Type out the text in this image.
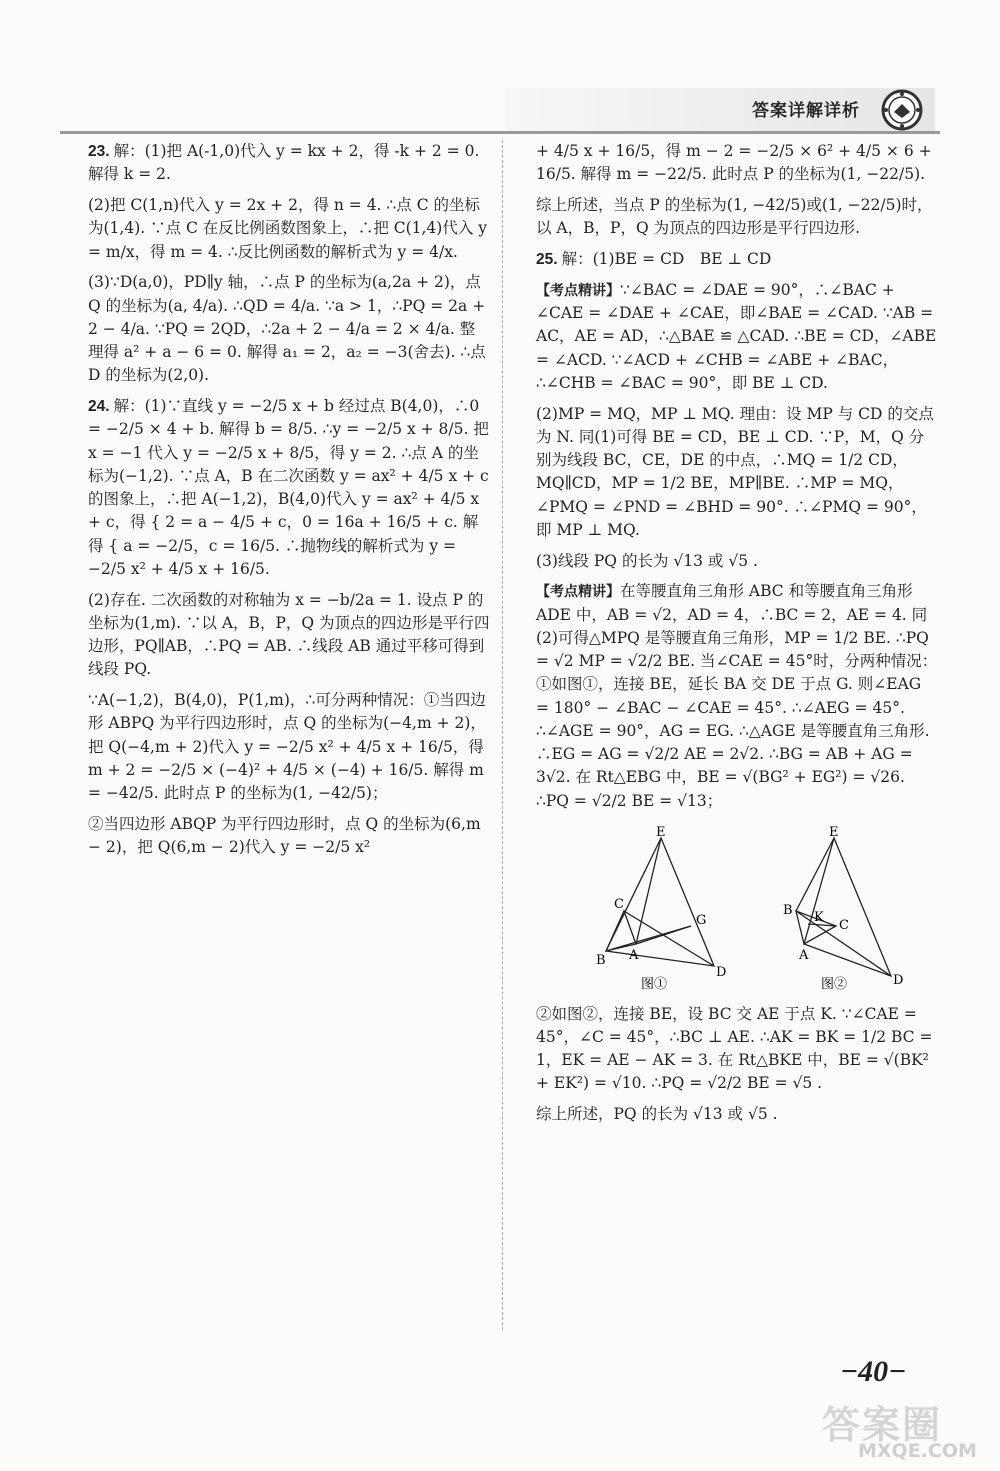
答案详解详析

23. 解：(1)把 A(-1,0)代入 y = kx + 2，得 -k + 2 = 0. 解得 k = 2.

(2)把 C(1,n)代入 y = 2x + 2，得 n = 4. ∴点 C 的坐标为(1,4). ∵点 C 在反比例函数图象上，∴把 C(1,4)代入 y = m/x，得 m = 4. ∴反比例函数的解析式为 y = 4/x.

(3)∵D(a,0)，PD∥y 轴，∴点 P 的坐标为(a,2a + 2)，点 Q 的坐标为(a, 4/a). ∴QD = 4/a. ∵a > 1，∴PQ = 2a + 2 − 4/a. ∵PQ = 2QD，∴2a + 2 − 4/a = 2 × 4/a. 整理得 a² + a − 6 = 0. 解得 a₁ = 2，a₂ = −3(舍去). ∴点 D 的坐标为(2,0).

24. 解：(1)∵直线 y = −2/5 x + b 经过点 B(4,0)，∴0 = −2/5 × 4 + b. 解得 b = 8/5. ∴y = −2/5 x + 8/5. 把 x = −1 代入 y = −2/5 x + 8/5，得 y = 2. ∴点 A 的坐标为(−1,2). ∵点 A，B 在二次函数 y = ax² + 4/5 x + c 的图象上，∴把 A(−1,2)，B(4,0)代入 y = ax² + 4/5 x + c，得 { 2 = a − 4/5 + c，0 = 16a + 16/5 + c. 解得 { a = −2/5，c = 16/5. ∴抛物线的解析式为 y = −2/5 x² + 4/5 x + 16/5.

(2)存在. 二次函数的对称轴为 x = −b/2a = 1. 设点 P 的坐标为(1,m). ∵以 A，B，P，Q 为顶点的四边形是平行四边形，PQ∥AB，∴PQ = AB. ∴线段 AB 通过平移可得到线段 PQ.

∵A(−1,2)，B(4,0)，P(1,m)，∴可分两种情况：①当四边形 ABPQ 为平行四边形时，点 Q 的坐标为(−4,m + 2)，把 Q(−4,m + 2)代入 y = −2/5 x² + 4/5 x + 16/5，得 m + 2 = −2/5 × (−4)² + 4/5 × (−4) + 16/5. 解得 m = −42/5. 此时点 P 的坐标为(1, −42/5)；

②当四边形 ABQP 为平行四边形时，点 Q 的坐标为(6,m − 2)，把 Q(6,m − 2)代入 y = −2/5 x²

+ 4/5 x + 16/5，得 m − 2 = −2/5 × 6² + 4/5 × 6 + 16/5. 解得 m = −22/5. 此时点 P 的坐标为(1, −22/5).

综上所述，当点 P 的坐标为(1, −42/5)或(1, −22/5)时，以 A，B，P，Q 为顶点的四边形是平行四边形.

25. 解：(1)BE = CD　BE ⊥ CD

【考点精讲】∵∠BAC = ∠DAE = 90°，∴∠BAC + ∠CAE = ∠DAE + ∠CAE，即∠BAE = ∠CAD. ∵AB = AC，AE = AD，∴△BAE ≌ △CAD. ∴BE = CD，∠ABE = ∠ACD. ∵∠ACD + ∠CHB = ∠ABE + ∠BAC，∴∠CHB = ∠BAC = 90°，即 BE ⊥ CD.

(2)MP = MQ，MP ⊥ MQ. 理由：设 MP 与 CD 的交点为 N. 同(1)可得 BE = CD，BE ⊥ CD. ∵P，M，Q 分别为线段 BC，CE，DE 的中点，∴MQ = 1/2 CD，MQ∥CD，MP = 1/2 BE，MP∥BE. ∴MP = MQ，∠PMQ = ∠PND = ∠BHD = 90°. ∴∠PMQ = 90°，即 MP ⊥ MQ.

(3)线段 PQ 的长为 √13 或 √5 .

【考点精讲】在等腰直角三角形 ABC 和等腰直角三角形 ADE 中，AB = √2，AD = 4，∴BC = 2，AE = 4. 同(2)可得△MPQ 是等腰直角三角形，MP = 1/2 BE. ∴PQ = √2 MP = √2/2 BE. 当∠CAE = 45°时，分两种情况：①如图①，连接 BE，延长 BA 交 DE 于点 G. 则∠EAG = 180° − ∠BAC − ∠CAE = 45°. ∴∠AEG = 45°. ∴∠AGE = 90°，AG = EG. ∴△AGE 是等腰直角三角形. ∴EG = AG = √2/2 AE = 2√2. ∴BG = AB + AG = 3√2. 在 Rt△EBG 中，BE = √(BG² + EG²) = √26. ∴PQ = √2/2 BE = √13；

E
C
G
B A
D
图①
E
B K
C
A
D
图②

②如图②，连接 BE，设 BC 交 AE 于点 K. ∵∠CAE = 45°，∠C = 45°，∴BC ⊥ AE. ∴AK = BK = 1/2 BC = 1，EK = AE − AK = 3. 在 Rt△BKE 中，BE = √(BK² + EK²) = √10. ∴PQ = √2/2 BE = √5 .

综上所述，PQ 的长为 √13 或 √5 .

−40−
答案圈
MXQE.COM
